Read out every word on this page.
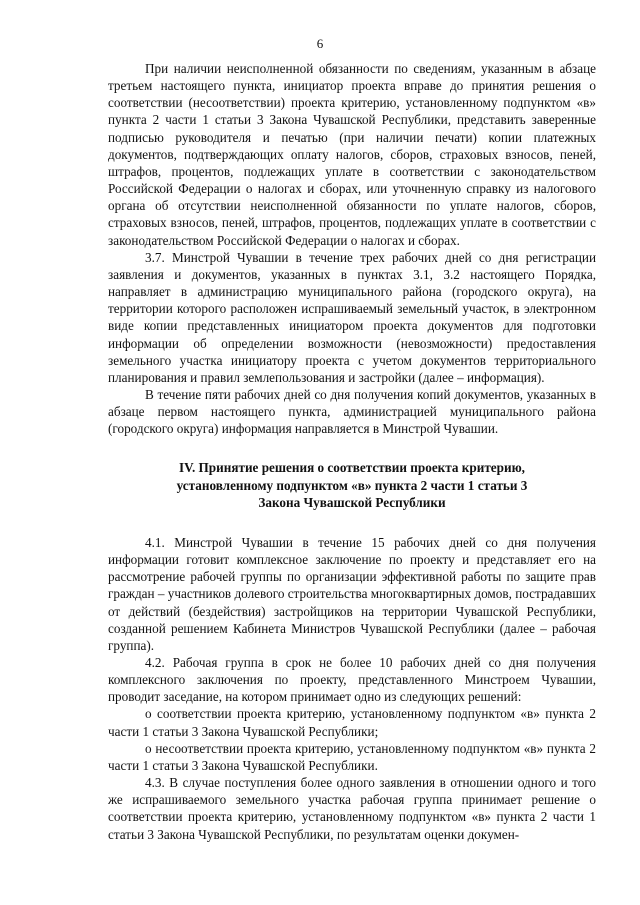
6

При наличии неисполненной обязанности по сведениям, указанным в абзаце третьем настоящего пункта, инициатор проекта вправе до принятия решения о соответствии (несоответствии) проекта критерию, установленному подпунктом «в» пункта 2 части 1 статьи 3 Закона Чувашской Республики, представить заверенные подписью руководителя и печатью (при наличии печати) копии платежных документов, подтверждающих оплату налогов, сборов, страховых взносов, пеней, штрафов, процентов, подлежащих уплате в соответствии с законодательством Российской Федерации о налогах и сборах, или уточненную справку из налогового органа об отсутствии неисполненной обязанности по уплате налогов, сборов, страховых взносов, пеней, штрафов, процентов, подлежащих уплате в соответствии с законодательством Российской Федерации о налогах и сборах.

3.7. Минстрой Чувашии в течение трех рабочих дней со дня регистрации заявления и документов, указанных в пунктах 3.1, 3.2 настоящего Порядка, направляет в администрацию муниципального района (городского округа), на территории которого расположен испрашиваемый земельный участок, в электронном виде копии представленных инициатором проекта документов для подготовки информации об определении возможности (невозможности) предоставления земельного участка инициатору проекта с учетом документов территориального планирования и правил землепользования и застройки (далее – информация).

В течение пяти рабочих дней со дня получения копий документов, указанных в абзаце первом настоящего пункта, администрацией муниципального района (городского округа) информация направляется в Минстрой Чувашии.

IV. Принятие решения о соответствии проекта критерию,
установленному подпунктом «в» пункта 2 части 1 статьи 3
Закона Чувашской Республики

4.1. Минстрой Чувашии в течение 15 рабочих дней со дня получения информации готовит комплексное заключение по проекту и представляет его на рассмотрение рабочей группы по организации эффективной работы по защите прав граждан – участников долевого строительства многоквартирных домов, пострадавших от действий (бездействия) застройщиков на территории Чувашской Республики, созданной решением Кабинета Министров Чувашской Республики (далее – рабочая группа).

4.2. Рабочая группа в срок не более 10 рабочих дней со дня получения комплексного заключения по проекту, представленного Минстроем Чувашии, проводит заседание, на котором принимает одно из следующих решений:

о соответствии проекта критерию, установленному подпунктом «в» пункта 2 части 1 статьи 3 Закона Чувашской Республики;

о несоответствии проекта критерию, установленному подпунктом «в» пункта 2 части 1 статьи 3 Закона Чувашской Республики.

4.3. В случае поступления более одного заявления в отношении одного и того же испрашиваемого земельного участка рабочая группа принимает решение о соответствии проекта критерию, установленному подпунктом «в» пункта 2 части 1 статьи 3 Закона Чувашской Республики, по результатам оценки докумен-
